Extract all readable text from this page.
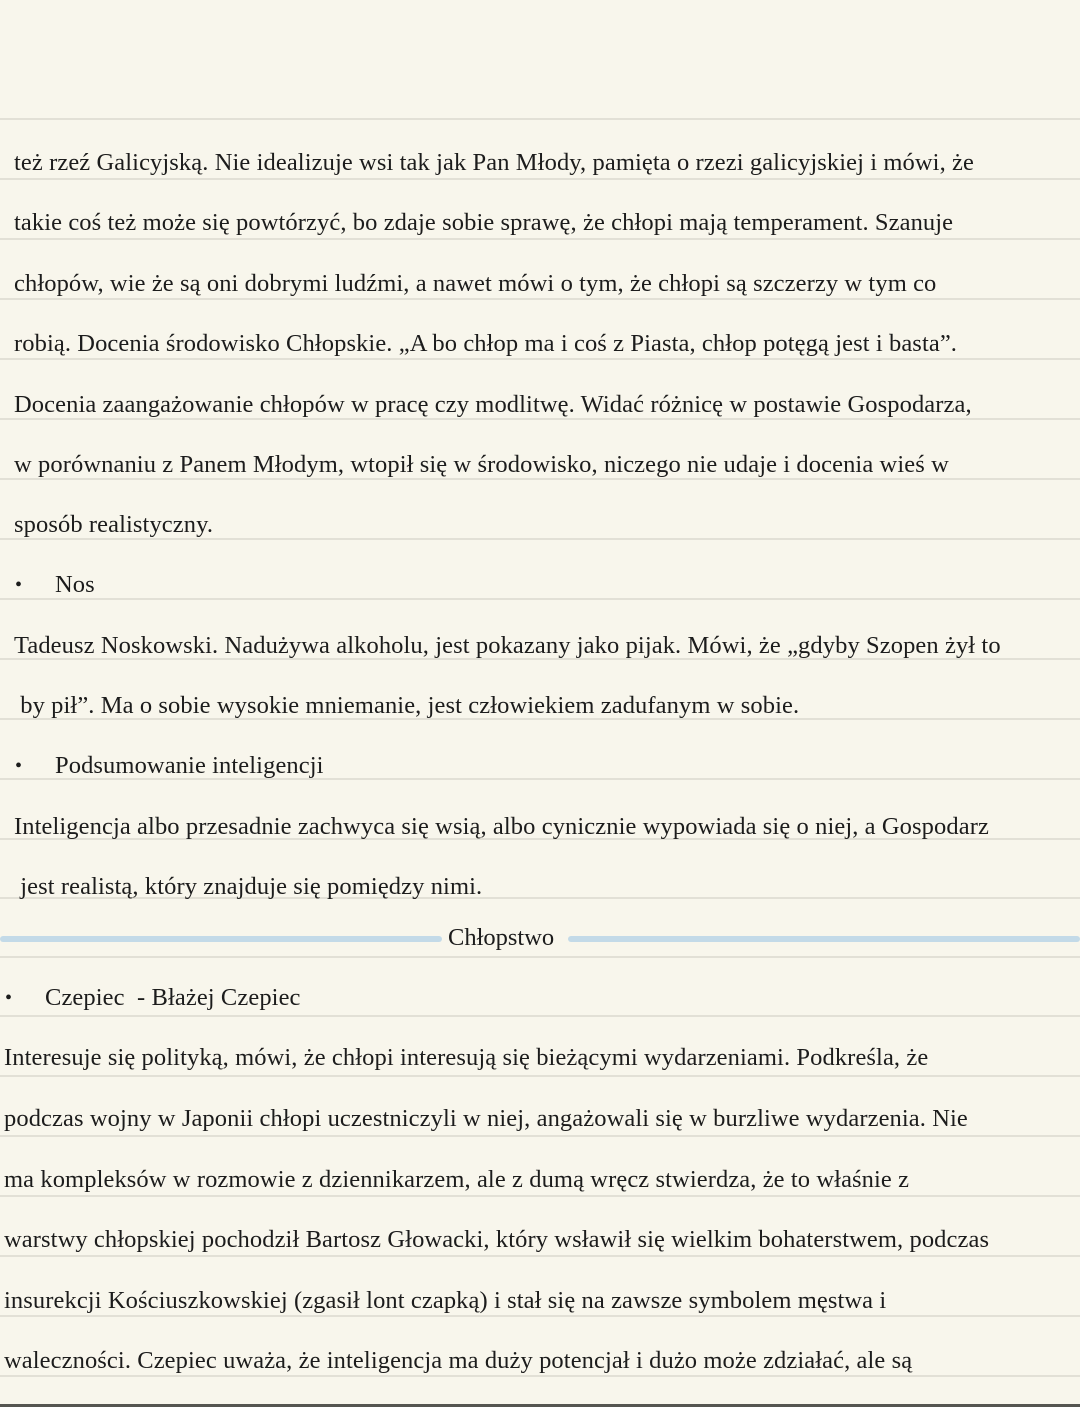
też rzeź Galicyjską. Nie idealizuje wsi tak jak Pan Młody, pamięta o rzezi galicyjskiej i mówi, że
takie coś też może się powtórzyć, bo zdaje sobie sprawę, że chłopi mają temperament. Szanuje
chłopów, wie że są oni dobrymi ludźmi, a nawet mówi o tym, że chłopi są szczerzy w tym co
robią. Docenia środowisko Chłopskie. „A bo chłop ma i coś z Piasta, chłop potęgą jest i basta”.
Docenia zaangażowanie chłopów w pracę czy modlitwę. Widać różnicę w postawie Gospodarza,
w porównaniu z Panem Młodym, wtopił się w środowisko, niczego nie udaje i docenia wieś w
sposób realistyczny.
• Nos
Tadeusz Noskowski. Nadużywa alkoholu, jest pokazany jako pijak. Mówi, że „gdyby Szopen żył to
by pił”. Ma o sobie wysokie mniemanie, jest człowiekiem zadufanym w sobie.
• Podsumowanie inteligencji
Inteligencja albo przesadnie zachwyca się wsią, albo cynicznie wypowiada się o niej, a Gospodarz
jest realistą, który znajduje się pomiędzy nimi.
Chłopstwo
• Czepiec  - Błażej Czepiec
Interesuje się polityką, mówi, że chłopi interesują się bieżącymi wydarzeniami. Podkreśla, że
podczas wojny w Japonii chłopi uczestniczyli w niej, angażowali się w burzliwe wydarzenia. Nie
ma kompleksów w rozmowie z dziennikarzem, ale z dumą wręcz stwierdza, że to właśnie z
warstwy chłopskiej pochodził Bartosz Głowacki, który wsławił się wielkim bohaterstwem, podczas
insurekcji Kościuszkowskiej (zgasił lont czapką) i stał się na zawsze symbolem męstwa i
waleczności. Czepiec uważa, że inteligencja ma duży potencjał i dużo może zdziałać, ale są
